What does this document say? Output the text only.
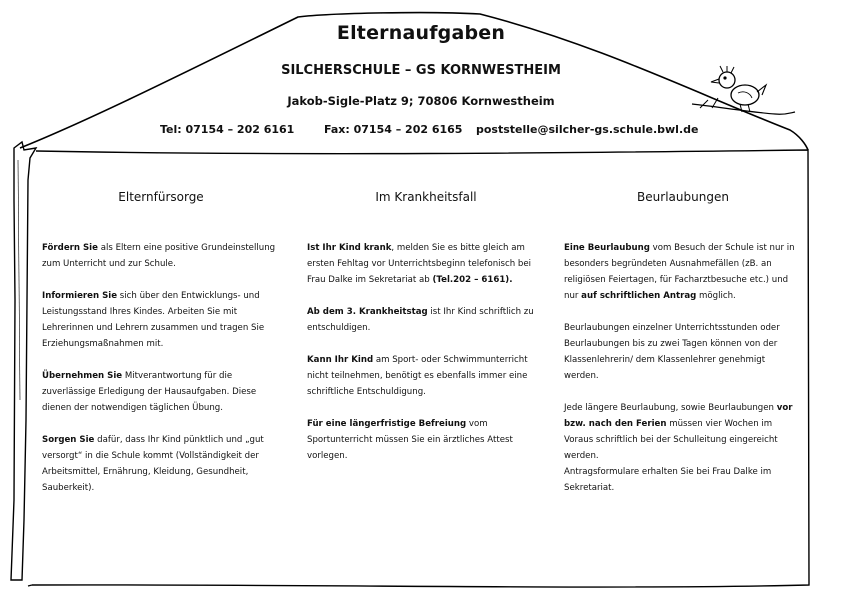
Elternaufgaben
SILCHERSCHULE – GS KORNWESTHEIM
Jakob-Sigle-Platz 9; 70806 Kornwestheim
Tel: 07154 – 202 6161	Fax: 07154 – 202 6165 poststelle@silcher-gs.schule.bwl.de
Elternfürsorge

Fördern Sie als Eltern eine positive Grundeinstellung zum Unterricht und zur Schule.

Informieren Sie sich über den Entwicklungs- und Leistungsstand Ihres Kindes. Arbeiten Sie mit Lehrerinnen und Lehrern zusammen und tragen Sie Erziehungsmaßnahmen mit.

Übernehmen Sie Mitverantwortung für die zuverlässige Erledigung der Hausaufgaben. Diese dienen der notwendigen täglichen Übung.

Sorgen Sie dafür, dass Ihr Kind pünktlich und „gut versorgt“ in die Schule kommt (Vollständigkeit der Arbeitsmittel, Ernährung, Kleidung, Gesundheit, Sauberkeit).

Im Krankheitsfall

Ist Ihr Kind krank, melden Sie es bitte gleich am ersten Fehltag vor Unterrichtsbeginn telefonisch bei Frau Dalke im Sekretariat ab (Tel.202 – 6161).

Ab dem 3. Krankheitstag ist Ihr Kind schriftlich zu entschuldigen.

Kann Ihr Kind am Sport- oder Schwimmunterricht nicht teilnehmen, benötigt es ebenfalls immer eine schriftliche Entschuldigung.

Für eine längerfristige Befreiung vom Sportunterricht müssen Sie ein ärztliches Attest vorlegen.

Beurlaubungen

Eine Beurlaubung vom Besuch der Schule ist nur in besonders begründeten Ausnahmefällen (zB. an religiösen Feiertagen, für Facharztbesuche etc.) und nur auf schriftlichen Antrag möglich.

Beurlaubungen einzelner Unterrichtsstunden oder Beurlaubungen bis zu zwei Tagen können von der Klassenlehrerin/ dem Klassenlehrer genehmigt werden.

Jede längere Beurlaubung, sowie Beurlaubungen vor bzw. nach den Ferien müssen vier Wochen im Voraus schriftlich bei der Schulleitung eingereicht werden.

Antragsformulare erhalten Sie bei Frau Dalke im Sekretariat.
